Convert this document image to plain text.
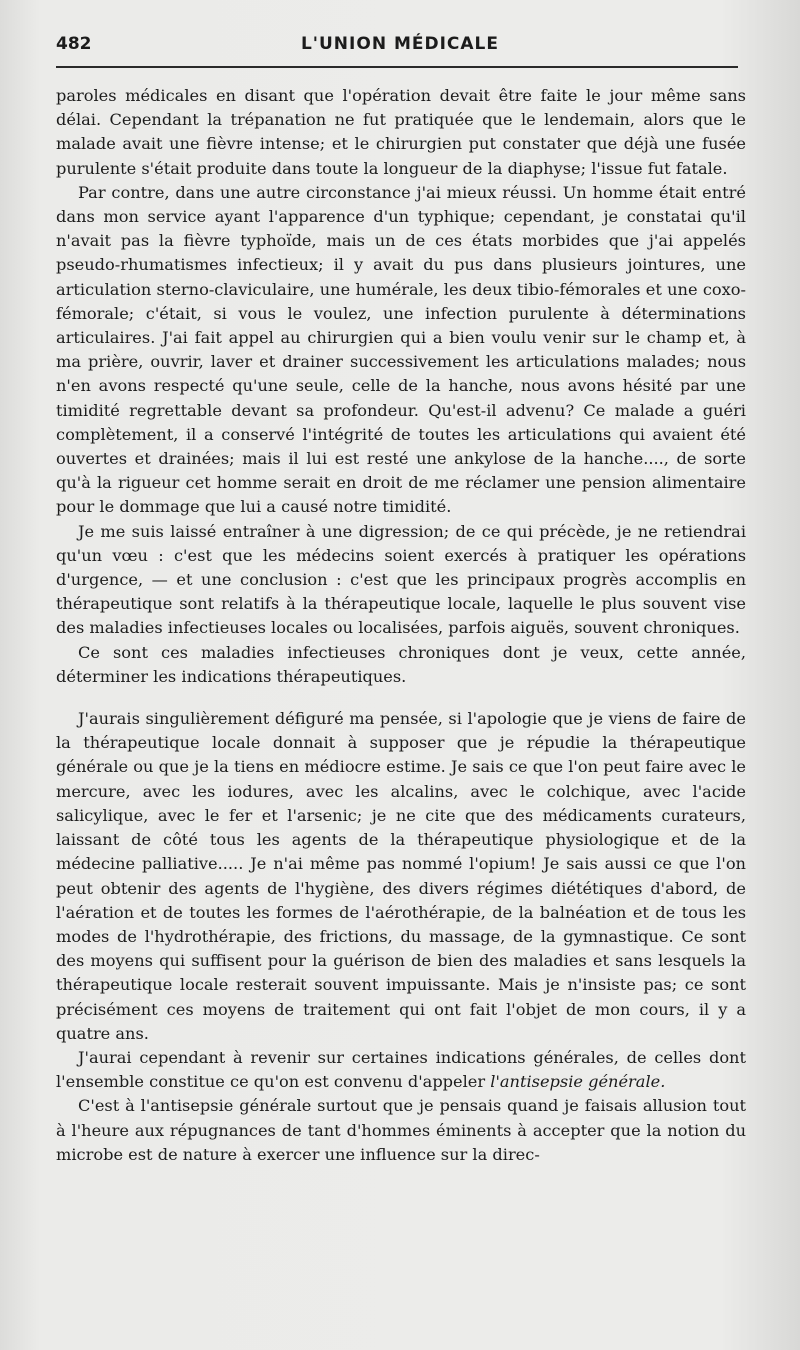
482	L'UNION MÉDICALE

paroles médicales en disant que l'opération devait être faite le jour même sans délai. Cependant la trépanation ne fut pratiquée que le lendemain, alors que le malade avait une fièvre intense; et le chirurgien put constater que déjà une fusée purulente s'était produite dans toute la longueur de la diaphyse; l'issue fut fatale.

Par contre, dans une autre circonstance j'ai mieux réussi. Un homme était entré dans mon service ayant l'apparence d'un typhique; cependant, je constatai qu'il n'avait pas la fièvre typhoïde, mais un de ces états morbides que j'ai appelés pseudo-rhumatismes infectieux; il y avait du pus dans plusieurs jointures, une articulation sterno-claviculaire, une humérale, les deux tibio-fémorales et une coxo-fémorale; c'était, si vous le voulez, une infection purulente à déterminations articulaires. J'ai fait appel au chirurgien qui a bien voulu venir sur le champ et, à ma prière, ouvrir, laver et drainer successivement les articulations malades; nous n'en avons respecté qu'une seule, celle de la hanche, nous avons hésité par une timidité regrettable devant sa profondeur. Qu'est-il advenu? Ce malade a guéri complètement, il a conservé l'intégrité de toutes les articulations qui avaient été ouvertes et drainées; mais il lui est resté une ankylose de la hanche...., de sorte qu'à la rigueur cet homme serait en droit de me réclamer une pension alimentaire pour le dommage que lui a causé notre timidité.

Je me suis laissé entraîner à une digression; de ce qui précède, je ne retiendrai qu'un vœu : c'est que les médecins soient exercés à pratiquer les opérations d'urgence, — et une conclusion : c'est que les principaux progrès accomplis en thérapeutique sont relatifs à la thérapeutique locale, laquelle le plus souvent vise des maladies infectieuses locales ou localisées, parfois aiguës, souvent chroniques.

Ce sont ces maladies infectieuses chroniques dont je veux, cette année, déterminer les indications thérapeutiques.

J'aurais singulièrement défiguré ma pensée, si l'apologie que je viens de faire de la thérapeutique locale donnait à supposer que je répudie la thérapeutique générale ou que je la tiens en médiocre estime. Je sais ce que l'on peut faire avec le mercure, avec les iodures, avec les alcalins, avec le colchique, avec l'acide salicylique, avec le fer et l'arsenic; je ne cite que des médicaments curateurs, laissant de côté tous les agents de la thérapeutique physiologique et de la médecine palliative..... Je n'ai même pas nommé l'opium! Je sais aussi ce que l'on peut obtenir des agents de l'hygiène, des divers régimes diététiques d'abord, de l'aération et de toutes les formes de l'aérothérapie, de la balnéation et de tous les modes de l'hydrothérapie, des frictions, du massage, de la gymnastique. Ce sont des moyens qui suffisent pour la guérison de bien des maladies et sans lesquels la thérapeutique locale resterait souvent impuissante. Mais je n'insiste pas; ce sont précisément ces moyens de traitement qui ont fait l'objet de mon cours, il y a quatre ans.

J'aurai cependant à revenir sur certaines indications générales, de celles dont l'ensemble constitue ce qu'on est convenu d'appeler l'antisepsie générale.

C'est à l'antisepsie générale surtout que je pensais quand je faisais allusion tout à l'heure aux répugnances de tant d'hommes éminents à accepter que la notion du microbe est de nature à exercer une influence sur la direc-
